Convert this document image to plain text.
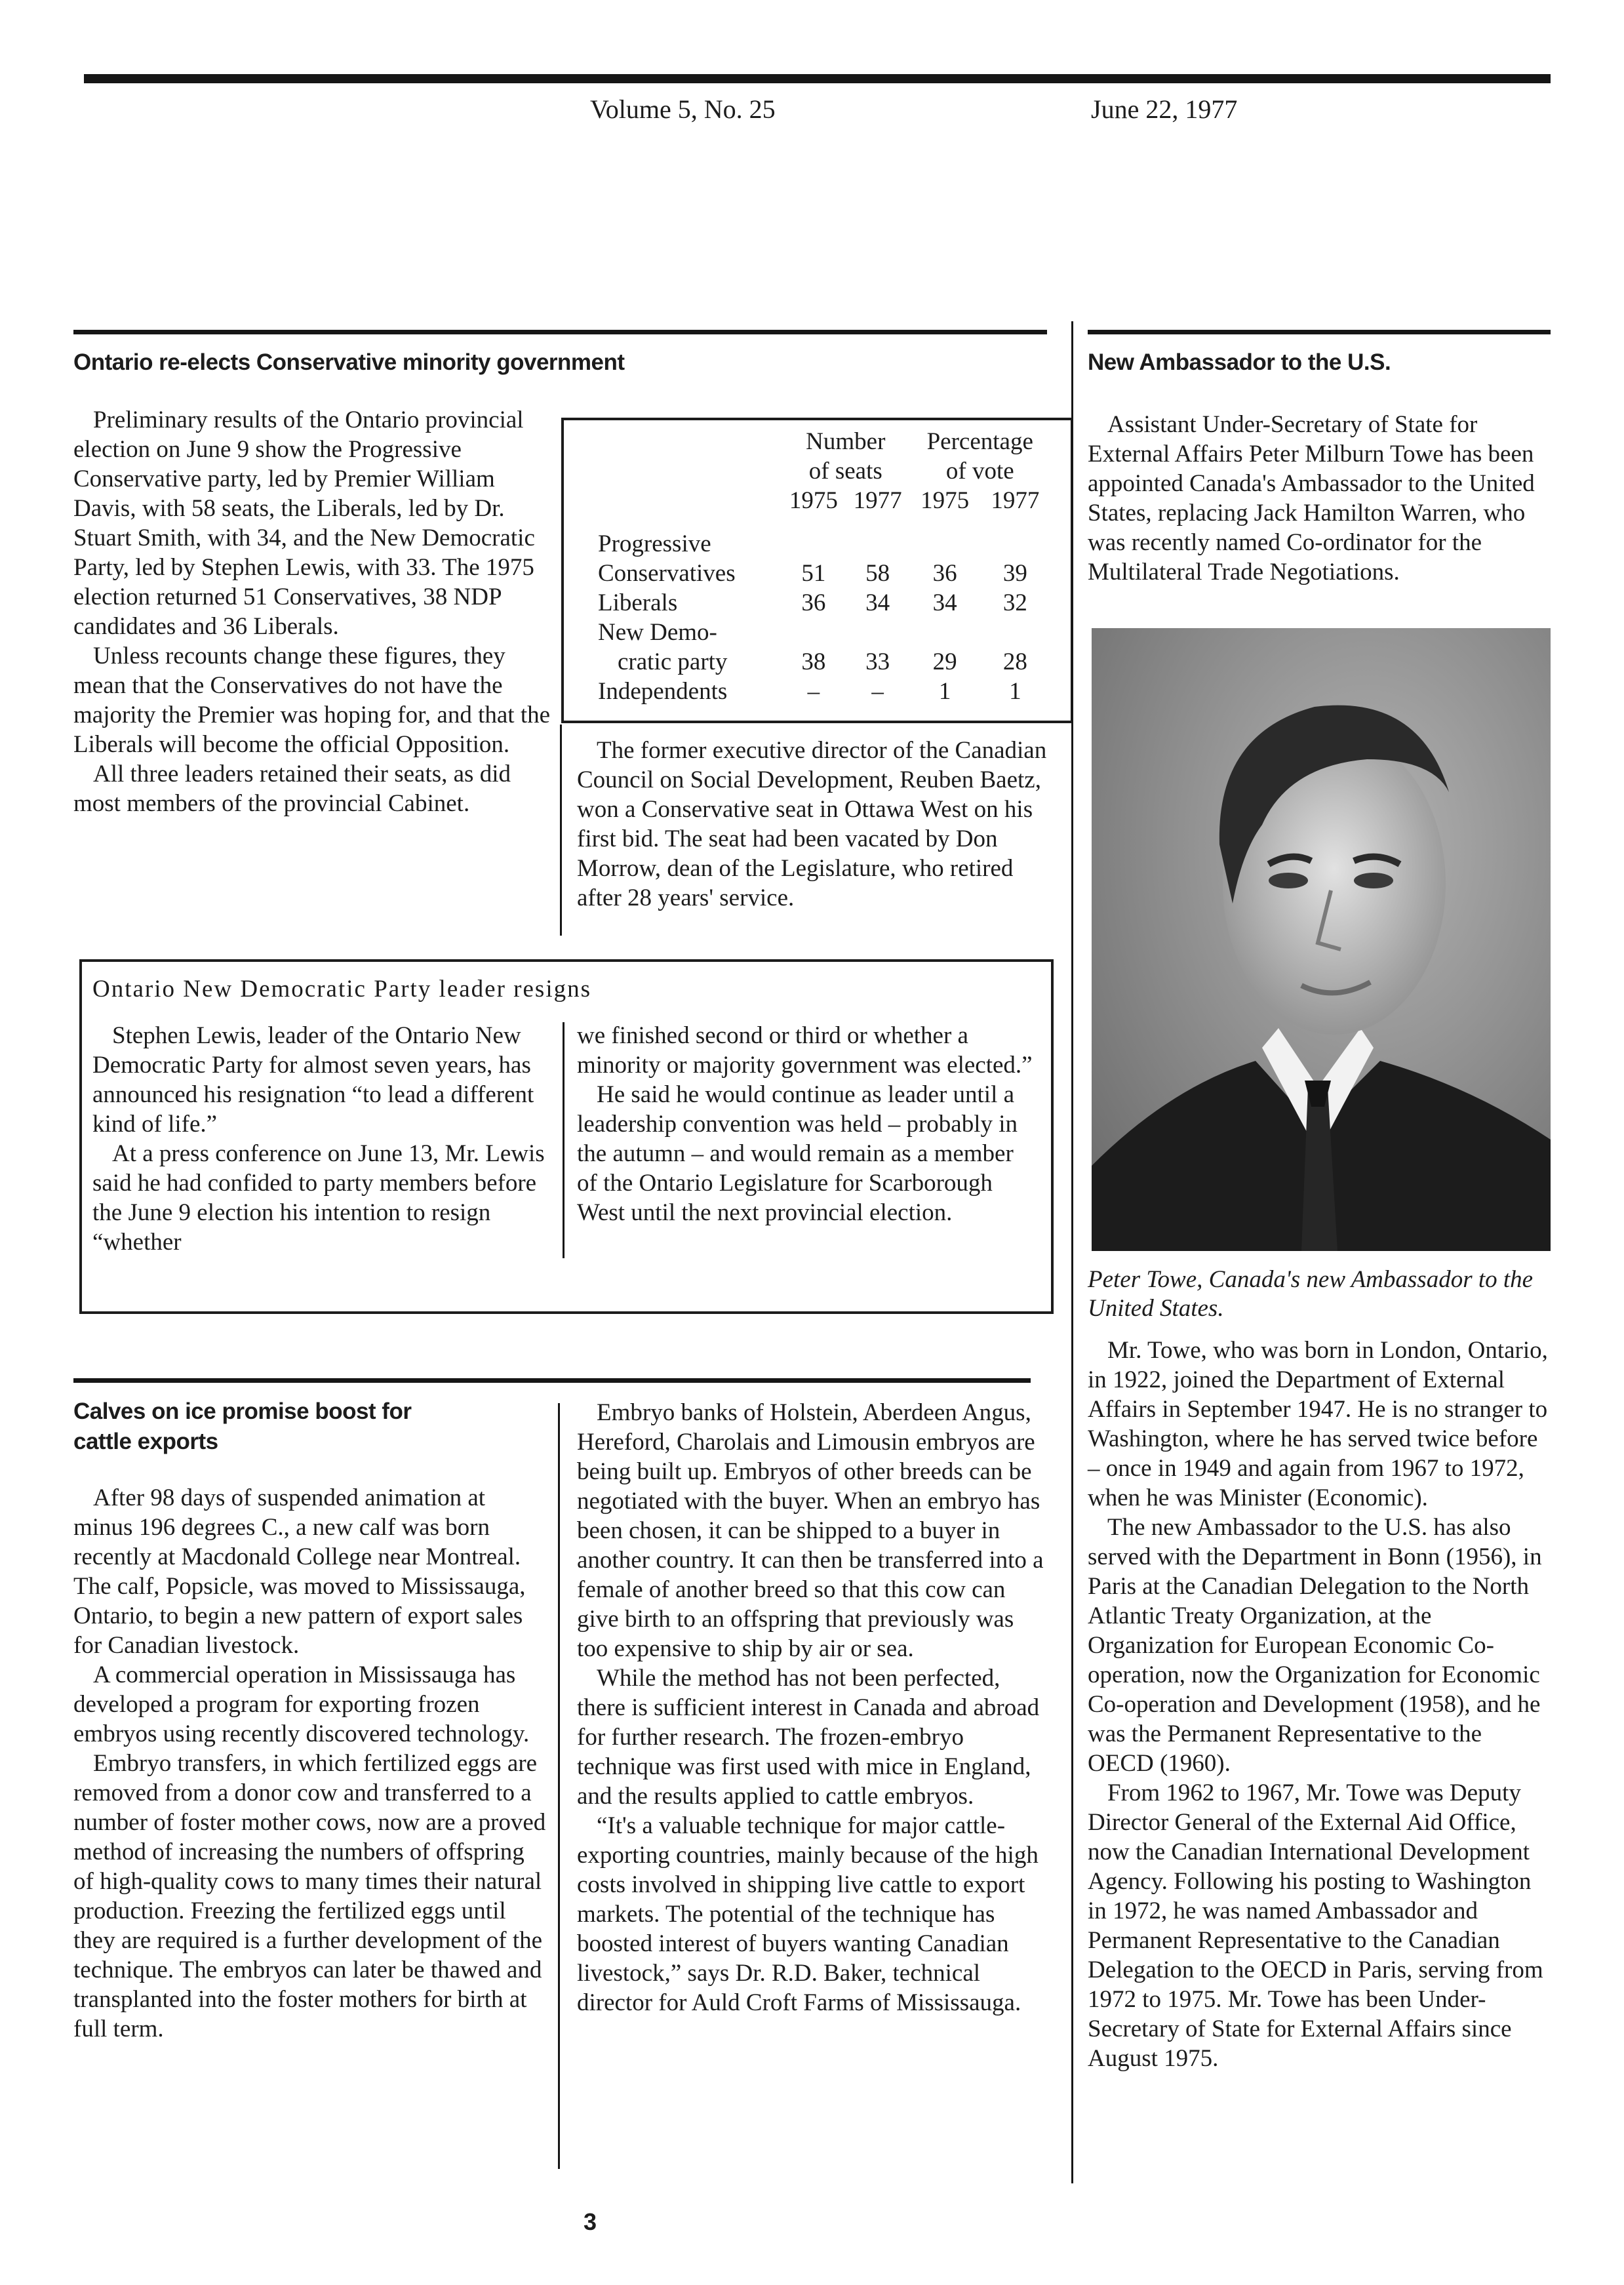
Volume 5, No. 25	June 22, 1977
Ontario re-elects Conservative minority government

Preliminary results of the Ontario provincial election on June 9 show the Progressive Conservative party, led by Premier William Davis, with 58 seats, the Liberals, led by Dr. Stuart Smith, with 34, and the New Democratic Party, led by Stephen Lewis, with 33. The 1975 election returned 51 Conservatives, 38 NDP candidates and 36 Liberals.

Unless recounts change these figures, they mean that the Conservatives do not have the majority the Premier was hoping for, and that the Liberals will become the official Opposition.

All three leaders retained their seats, as did most members of the provincial Cabinet.

	Number		Percentage	
	of seats		of vote	
	1975	1977	1975	1977
Progressive				
Conservatives	51	58	36	39
Liberals	36	34	34	32
New Demo-				
cratic party	38	33	29	28
Independents	–	–	1	1

The former executive director of the Canadian Council on Social Development, Reuben Baetz, won a Conservative seat in Ottawa West on his first bid. The seat had been vacated by Don Morrow, dean of the Legislature, who retired after 28 years' service.

Ontario New Democratic Party leader resigns

Stephen Lewis, leader of the Ontario New Democratic Party for almost seven years, has announced his resignation “to lead a different kind of life.”

At a press conference on June 13, Mr. Lewis said he had confided to party members before the June 9 election his intention to resign “whether

we finished second or third or whether a minority or majority government was elected.”

He said he would continue as leader until a leadership convention was held – probably in the autumn – and would remain as a member of the Ontario Legislature for Scarborough West until the next provincial election.

Calves on ice promise boost for
cattle exports

After 98 days of suspended animation at minus 196 degrees C., a new calf was born recently at Macdonald College near Montreal. The calf, Popsicle, was moved to Mississauga, Ontario, to begin a new pattern of export sales for Canadian livestock.

A commercial operation in Mississauga has developed a program for exporting frozen embryos using recently discovered technology.

Embryo transfers, in which fertilized eggs are removed from a donor cow and transferred to a number of foster mother cows, now are a proved method of increasing the numbers of offspring of high-quality cows to many times their natural production. Freezing the fertilized eggs until they are required is a further development of the technique. The embryos can later be thawed and transplanted into the foster mothers for birth at full term.

Embryo banks of Holstein, Aberdeen Angus, Hereford, Charolais and Limousin embryos are being built up. Embryos of other breeds can be negotiated with the buyer. When an embryo has been chosen, it can be shipped to a buyer in another country. It can then be transferred into a female of another breed so that this cow can give birth to an offspring that previously was too expensive to ship by air or sea.

While the method has not been perfected, there is sufficient interest in Canada and abroad for further research. The frozen-embryo technique was first used with mice in England, and the results applied to cattle embryos.

“It's a valuable technique for major cattle-exporting countries, mainly because of the high costs involved in shipping live cattle to export markets. The potential of the technique has boosted interest of buyers wanting Canadian livestock,” says Dr. R.D. Baker, technical director for Auld Croft Farms of Mississauga.

New Ambassador to the U.S.

Assistant Under-Secretary of State for External Affairs Peter Milburn Towe has been appointed Canada's Ambassador to the United States, replacing Jack Hamilton Warren, who was recently named Co-ordinator for the Multilateral Trade Negotiations.

Peter Towe, Canada's new Ambassador to the United States.

Mr. Towe, who was born in London, Ontario, in 1922, joined the Department of External Affairs in September 1947. He is no stranger to Washington, where he has served twice before – once in 1949 and again from 1967 to 1972, when he was Minister (Economic).

The new Ambassador to the U.S. has also served with the Department in Bonn (1956), in Paris at the Canadian Delegation to the North Atlantic Treaty Organization, at the Organization for European Economic Co-operation, now the Organization for Economic Co-operation and Development (1958), and he was the Permanent Representative to the OECD (1960).

From 1962 to 1967, Mr. Towe was Deputy Director General of the External Aid Office, now the Canadian International Development Agency. Following his posting to Washington in 1972, he was named Ambassador and Permanent Representative to the Canadian Delegation to the OECD in Paris, serving from 1972 to 1975. Mr. Towe has been Under-Secretary of State for External Affairs since August 1975.

3
